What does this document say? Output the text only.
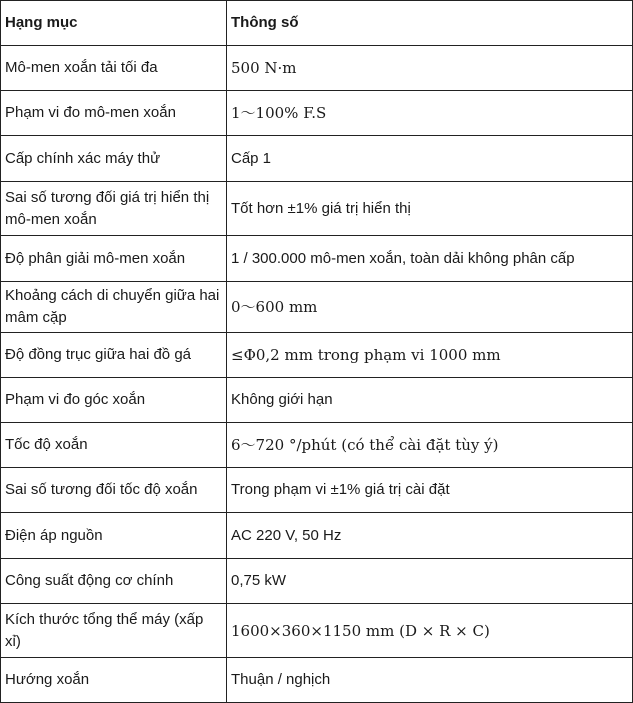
Hạng mục	Thông số
Mô-men xoắn tải tối đa	500 N·m
Phạm vi đo mô-men xoắn	1～100% F.S
Cấp chính xác máy thử	Cấp 1
Sai số tương đối giá trị hiển thị mô-men xoắn	Tốt hơn ±1% giá trị hiển thị
Độ phân giải mô-men xoắn	1 / 300.000 mô-men xoắn, toàn dải không phân cấp
Khoảng cách di chuyển giữa hai mâm cặp	0～600 mm
Độ đồng trục giữa hai đồ gá	≤Φ0,2 mm trong phạm vi 1000 mm
Phạm vi đo góc xoắn	Không giới hạn
Tốc độ xoắn	6～720 °/phút (có thể cài đặt tùy ý)
Sai số tương đối tốc độ xoắn	Trong phạm vi ±1% giá trị cài đặt
Điện áp nguồn	AC 220 V, 50 Hz
Công suất động cơ chính	0,75 kW
Kích thước tổng thể máy (xấp xỉ)	1600×360×1150 mm (D × R × C)
Hướng xoắn	Thuận / nghịch
